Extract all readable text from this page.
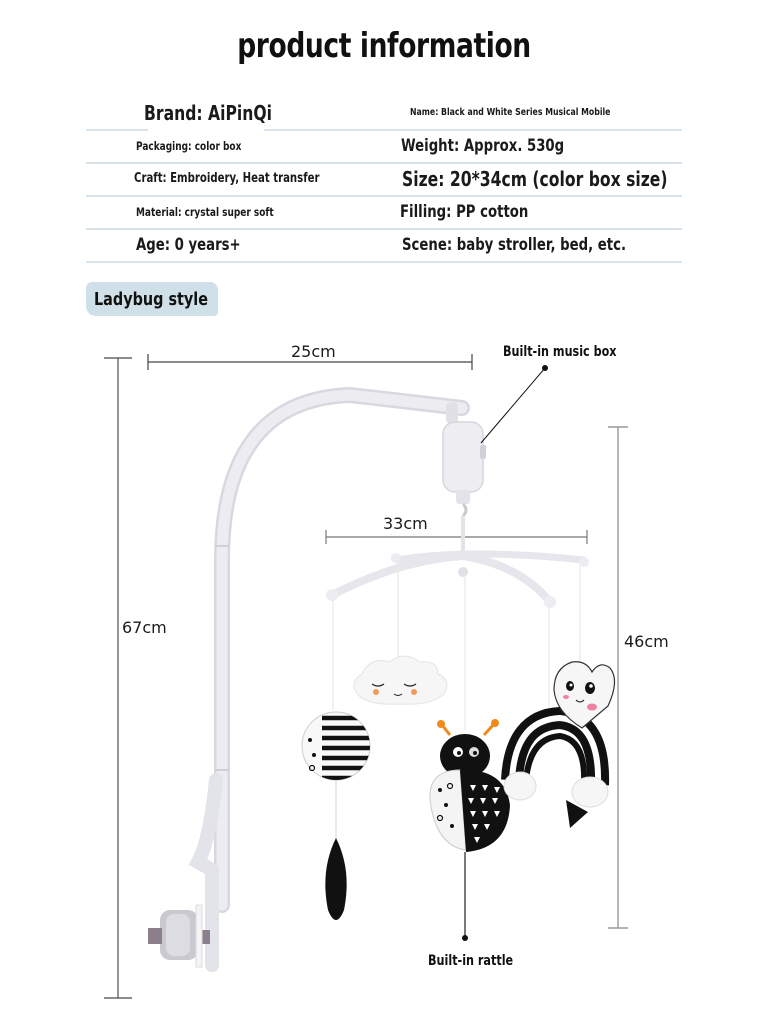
product information
Brand: AiPinQi	Name: Black and White Series Musical Mobile
Packaging: color box	Weight: Approx. 530g
Craft: Embroidery, Heat transfer	Size: 20*34cm (color box size)
Material: crystal super soft	Filling: PP cotton
Age: 0 years+	Scene: baby stroller, bed, etc.
Ladybug style
25cm
67cm
33cm
46cm
Built-in music box
Built-in rattle
